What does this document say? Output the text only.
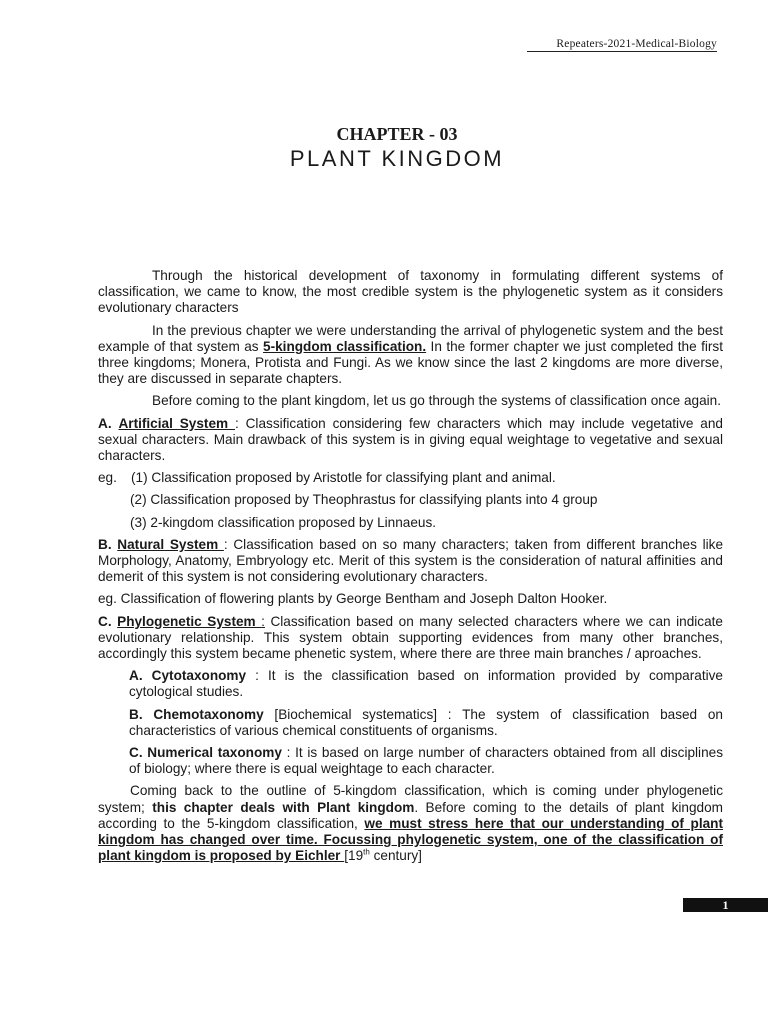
Repeaters-2021-Medical-Biology
CHAPTER - 03
PLANT KINGDOM

Through the historical development of taxonomy in formulating different systems of classification, we came to know, the most credible system is the phylogenetic system as it considers evolutionary characters

In the previous chapter we were understanding the arrival of phylogenetic system and the best example of that system as 5-kingdom classification. In the former chapter we just completed the first three kingdoms; Monera, Protista and Fungi. As we know since the last 2 kingdoms are more diverse, they are discussed in separate chapters.

Before coming to the plant kingdom, let us go through the systems of classification once again.

A. Artificial System : Classification considering few characters which may include vegetative and sexual characters. Main drawback of this system is in giving equal weightage to vegetative and sexual characters.

eg.	(1) Classification proposed by Aristotle for classifying plant and animal.
(2) Classification proposed by Theophrastus for classifying plants into 4 group
(3) 2-kingdom classification proposed by Linnaeus.

B. Natural System : Classification based on so many characters; taken from different branches like Morphology, Anatomy, Embryology etc. Merit of this system is the consideration of natural affinities and demerit of this system is not considering evolutionary characters.

eg. Classification of flowering plants by George Bentham and Joseph Dalton Hooker.

C. Phylogenetic System : Classification based on many selected characters where we can indicate evolutionary relationship. This system obtain supporting evidences from many other branches, accordingly this system became phenetic system, where there are three main branches / aproaches.

A. Cytotaxonomy : It is the classification based on information provided by comparative cytological studies.

B. Chemotaxonomy [Biochemical systematics] : The system of classification based on characteristics of various chemical constituents of organisms.

C. Numerical taxonomy : It is based on large number of characters obtained from all disciplines of biology; where there is equal weightage to each character.

Coming back to the outline of 5-kingdom classification, which is coming under phylogenetic system; this chapter deals with Plant kingdom. Before coming to the details of plant kingdom according to the 5-kingdom classification, we must stress here that our understanding of plant kingdom has changed over time. Focussing phylogenetic system, one of the classification of plant kingdom is proposed by Eichler [19th century]

1
